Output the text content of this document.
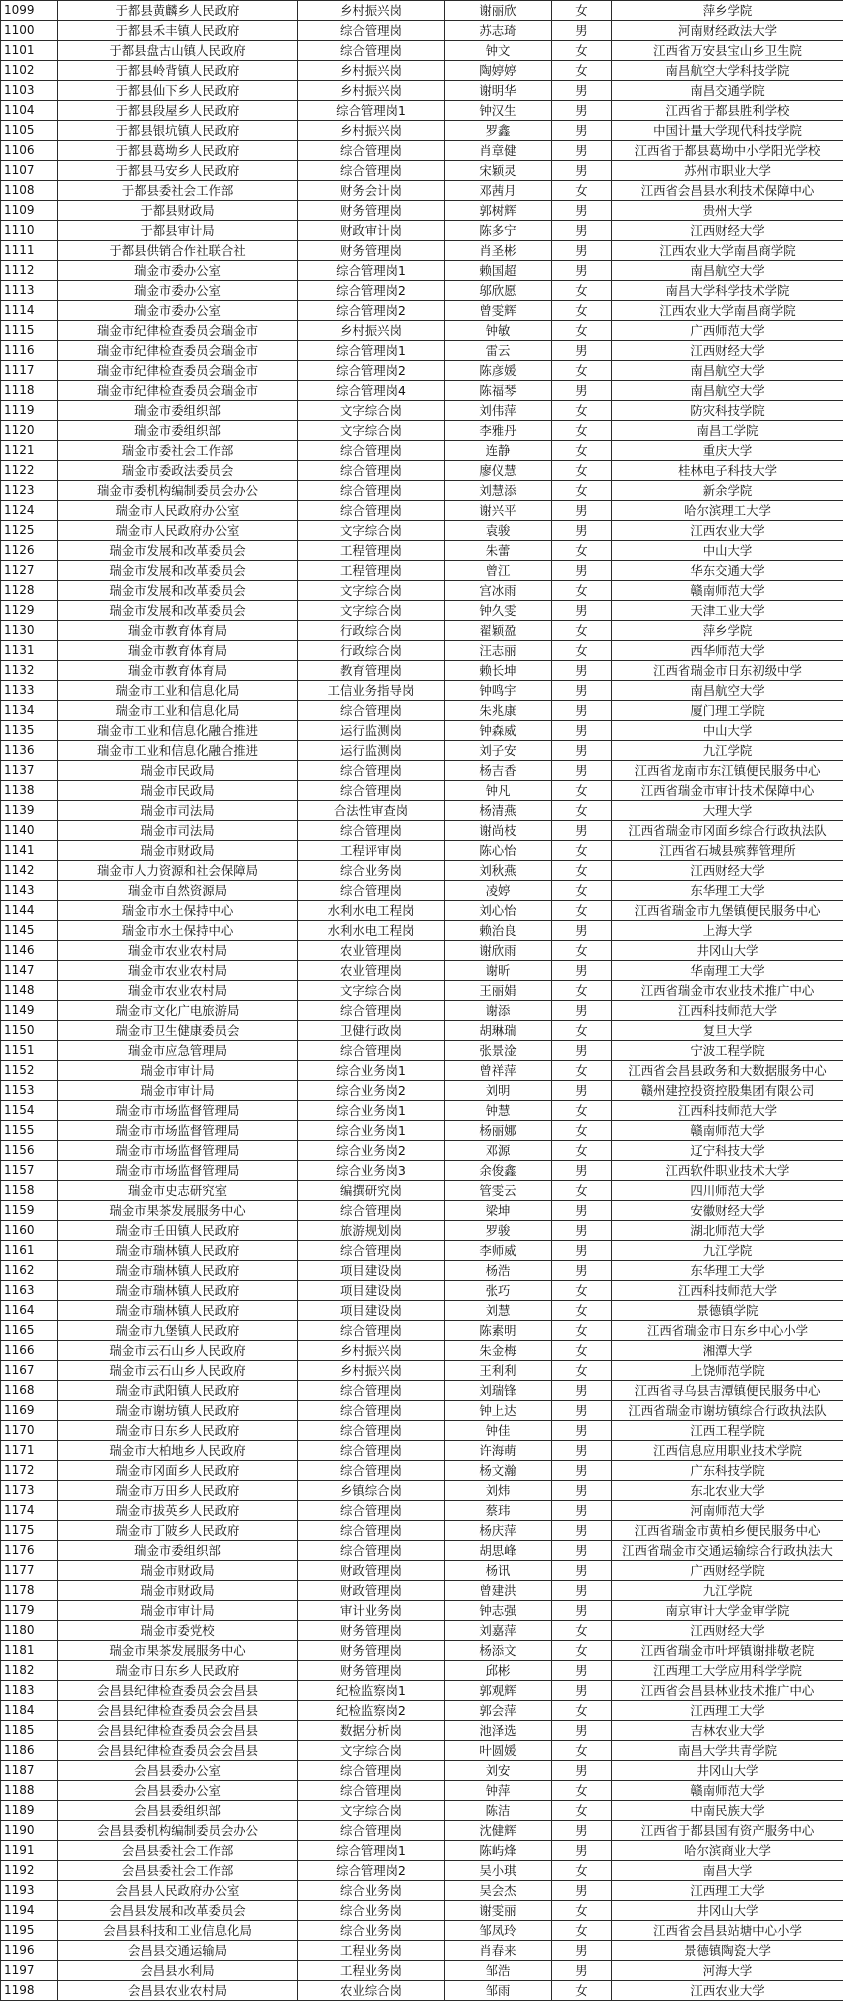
1099	于都县黄麟乡人民政府	乡村振兴岗	谢丽欣	女	萍乡学院
1100	于都县禾丰镇人民政府	综合管理岗	苏志琦	男	河南财经政法大学
1101	于都县盘古山镇人民政府	综合管理岗	钟文	女	江西省万安县宝山乡卫生院
1102	于都县岭背镇人民政府	乡村振兴岗	陶婷婷	女	南昌航空大学科技学院
1103	于都县仙下乡人民政府	乡村振兴岗	谢明华	男	南昌交通学院
1104	于都县段屋乡人民政府	综合管理岗1	钟汉生	男	江西省于都县胜利学校
1105	于都县银坑镇人民政府	乡村振兴岗	罗鑫	男	中国计量大学现代科技学院
1106	于都县葛坳乡人民政府	综合管理岗	肖章健	男	江西省于都县葛坳中小学阳光学校
1107	于都县马安乡人民政府	综合管理岗	宋颖灵	男	苏州市职业大学
1108	于都县委社会工作部	财务会计岗	邓茜月	女	江西省会昌县水利技术保障中心
1109	于都县财政局	财务管理岗	郭树辉	男	贵州大学
1110	于都县审计局	财政审计岗	陈多宁	男	江西财经大学
1111	于都县供销合作社联合社	财务管理岗	肖圣彬	男	江西农业大学南昌商学院
1112	瑞金市委办公室	综合管理岗1	赖国超	男	南昌航空大学
1113	瑞金市委办公室	综合管理岗2	邬欣愿	女	南昌大学科学技术学院
1114	瑞金市委办公室	综合管理岗2	曾雯辉	女	江西农业大学南昌商学院
1115	瑞金市纪律检查委员会瑞金市	乡村振兴岗	钟敏	女	广西师范大学
1116	瑞金市纪律检查委员会瑞金市	综合管理岗1	雷云	男	江西财经大学
1117	瑞金市纪律检查委员会瑞金市	综合管理岗2	陈彦媛	女	南昌航空大学
1118	瑞金市纪律检查委员会瑞金市	综合管理岗4	陈福琴	男	南昌航空大学
1119	瑞金市委组织部	文字综合岗	刘伟萍	女	防灾科技学院
1120	瑞金市委组织部	文字综合岗	李雅丹	女	南昌工学院
1121	瑞金市委社会工作部	综合管理岗	连静	女	重庆大学
1122	瑞金市委政法委员会	综合管理岗	廖仪慧	女	桂林电子科技大学
1123	瑞金市委机构编制委员会办公	综合管理岗	刘慧添	女	新余学院
1124	瑞金市人民政府办公室	综合管理岗	谢兴平	男	哈尔滨理工大学
1125	瑞金市人民政府办公室	文字综合岗	袁骏	男	江西农业大学
1126	瑞金市发展和改革委员会	工程管理岗	朱蕾	女	中山大学
1127	瑞金市发展和改革委员会	工程管理岗	曾江	男	华东交通大学
1128	瑞金市发展和改革委员会	文字综合岗	宫冰雨	女	赣南师范大学
1129	瑞金市发展和改革委员会	文字综合岗	钟久雯	男	天津工业大学
1130	瑞金市教育体育局	行政综合岗	翟颖盈	女	萍乡学院
1131	瑞金市教育体育局	行政综合岗	汪志丽	女	西华师范大学
1132	瑞金市教育体育局	教育管理岗	赖长坤	男	江西省瑞金市日东初级中学
1133	瑞金市工业和信息化局	工信业务指导岗	钟鸣宇	男	南昌航空大学
1134	瑞金市工业和信息化局	综合管理岗	朱兆康	男	厦门理工学院
1135	瑞金市工业和信息化融合推进	运行监测岗	钟森威	男	中山大学
1136	瑞金市工业和信息化融合推进	运行监测岗	刘子安	男	九江学院
1137	瑞金市民政局	综合管理岗	杨吉香	男	江西省龙南市东江镇便民服务中心
1138	瑞金市民政局	综合管理岗	钟凡	女	江西省瑞金市审计技术保障中心
1139	瑞金市司法局	合法性审查岗	杨清燕	女	大理大学
1140	瑞金市司法局	综合管理岗	谢尚枝	男	江西省瑞金市冈面乡综合行政执法队
1141	瑞金市财政局	工程评审岗	陈心怡	女	江西省石城县殡葬管理所
1142	瑞金市人力资源和社会保障局	综合业务岗	刘秋燕	女	江西财经大学
1143	瑞金市自然资源局	综合管理岗	凌婷	女	东华理工大学
1144	瑞金市水土保持中心	水利水电工程岗	刘心怡	女	江西省瑞金市九堡镇便民服务中心
1145	瑞金市水土保持中心	水利水电工程岗	赖治良	男	上海大学
1146	瑞金市农业农村局	农业管理岗	谢欣雨	女	井冈山大学
1147	瑞金市农业农村局	农业管理岗	谢昕	男	华南理工大学
1148	瑞金市农业农村局	文字综合岗	王丽娟	女	江西省瑞金市农业技术推广中心
1149	瑞金市文化广电旅游局	综合管理岗	谢添	男	江西科技师范大学
1150	瑞金市卫生健康委员会	卫健行政岗	胡琳瑞	女	复旦大学
1151	瑞金市应急管理局	综合管理岗	张景淦	男	宁波工程学院
1152	瑞金市审计局	综合业务岗1	曾祥萍	女	江西省会昌县政务和大数据服务中心
1153	瑞金市审计局	综合业务岗2	刘明	男	赣州建控投资控股集团有限公司
1154	瑞金市市场监督管理局	综合业务岗1	钟慧	女	江西科技师范大学
1155	瑞金市市场监督管理局	综合业务岗1	杨丽娜	女	赣南师范大学
1156	瑞金市市场监督管理局	综合业务岗2	邓源	女	辽宁科技大学
1157	瑞金市市场监督管理局	综合业务岗3	余俊鑫	男	江西软件职业技术大学
1158	瑞金市史志研究室	编撰研究岗	管雯云	女	四川师范大学
1159	瑞金市果茶发展服务中心	综合管理岗	梁坤	男	安徽财经大学
1160	瑞金市壬田镇人民政府	旅游规划岗	罗骏	男	湖北师范大学
1161	瑞金市瑞林镇人民政府	综合管理岗	李师威	男	九江学院
1162	瑞金市瑞林镇人民政府	项目建设岗	杨浩	男	东华理工大学
1163	瑞金市瑞林镇人民政府	项目建设岗	张巧	女	江西科技师范大学
1164	瑞金市瑞林镇人民政府	项目建设岗	刘慧	女	景德镇学院
1165	瑞金市九堡镇人民政府	综合管理岗	陈素明	女	江西省瑞金市日东乡中心小学
1166	瑞金市云石山乡人民政府	乡村振兴岗	朱金梅	女	湘潭大学
1167	瑞金市云石山乡人民政府	乡村振兴岗	王利利	女	上饶师范学院
1168	瑞金市武阳镇人民政府	综合管理岗	刘瑞锋	男	江西省寻乌县吉潭镇便民服务中心
1169	瑞金市谢坊镇人民政府	综合管理岗	钟上达	男	江西省瑞金市谢坊镇综合行政执法队
1170	瑞金市日东乡人民政府	综合管理岗	钟佳	男	江西工程学院
1171	瑞金市大柏地乡人民政府	综合管理岗	许海萌	男	江西信息应用职业技术学院
1172	瑞金市冈面乡人民政府	综合管理岗	杨文瀚	男	广东科技学院
1173	瑞金市万田乡人民政府	乡镇综合岗	刘炜	男	东北农业大学
1174	瑞金市拔英乡人民政府	综合管理岗	蔡玮	男	河南师范大学
1175	瑞金市丁陂乡人民政府	综合管理岗	杨庆萍	男	江西省瑞金市黄柏乡便民服务中心
1176	瑞金市委组织部	综合管理岗	胡思峰	男	江西省瑞金市交通运输综合行政执法大
1177	瑞金市财政局	财政管理岗	杨讯	男	广西财经学院
1178	瑞金市财政局	财政管理岗	曾建洪	男	九江学院
1179	瑞金市审计局	审计业务岗	钟志强	男	南京审计大学金审学院
1180	瑞金市委党校	财务管理岗	刘嘉萍	女	江西财经大学
1181	瑞金市果茶发展服务中心	财务管理岗	杨添文	女	江西省瑞金市叶坪镇谢排敬老院
1182	瑞金市日东乡人民政府	财务管理岗	邱彬	男	江西理工大学应用科学学院
1183	会昌县纪律检查委员会会昌县	纪检监察岗1	郭观辉	男	江西省会昌县林业技术推广中心
1184	会昌县纪律检查委员会会昌县	纪检监察岗2	郭会萍	女	江西理工大学
1185	会昌县纪律检查委员会会昌县	数据分析岗	池泽选	男	吉林农业大学
1186	会昌县纪律检查委员会会昌县	文字综合岗	叶圆媛	女	南昌大学共青学院
1187	会昌县委办公室	综合管理岗	刘安	男	井冈山大学
1188	会昌县委办公室	综合管理岗	钟萍	女	赣南师范大学
1189	会昌县委组织部	文字综合岗	陈洁	女	中南民族大学
1190	会昌县委机构编制委员会办公	综合管理岗	沈健辉	男	江西省于都县国有资产服务中心
1191	会昌县委社会工作部	综合管理岗1	陈屿烽	男	哈尔滨商业大学
1192	会昌县委社会工作部	综合管理岗2	吴小琪	女	南昌大学
1193	会昌县人民政府办公室	综合业务岗	吴会杰	男	江西理工大学
1194	会昌县发展和改革委员会	综合业务岗	谢雯丽	女	井冈山大学
1195	会昌县科技和工业信息化局	综合业务岗	邹凤玲	女	江西省会昌县站塘中心小学
1196	会昌县交通运输局	工程业务岗	肖春来	男	景德镇陶瓷大学
1197	会昌县水利局	工程业务岗	邹浩	男	河海大学
1198	会昌县农业农村局	农业综合岗	邹雨	女	江西农业大学
